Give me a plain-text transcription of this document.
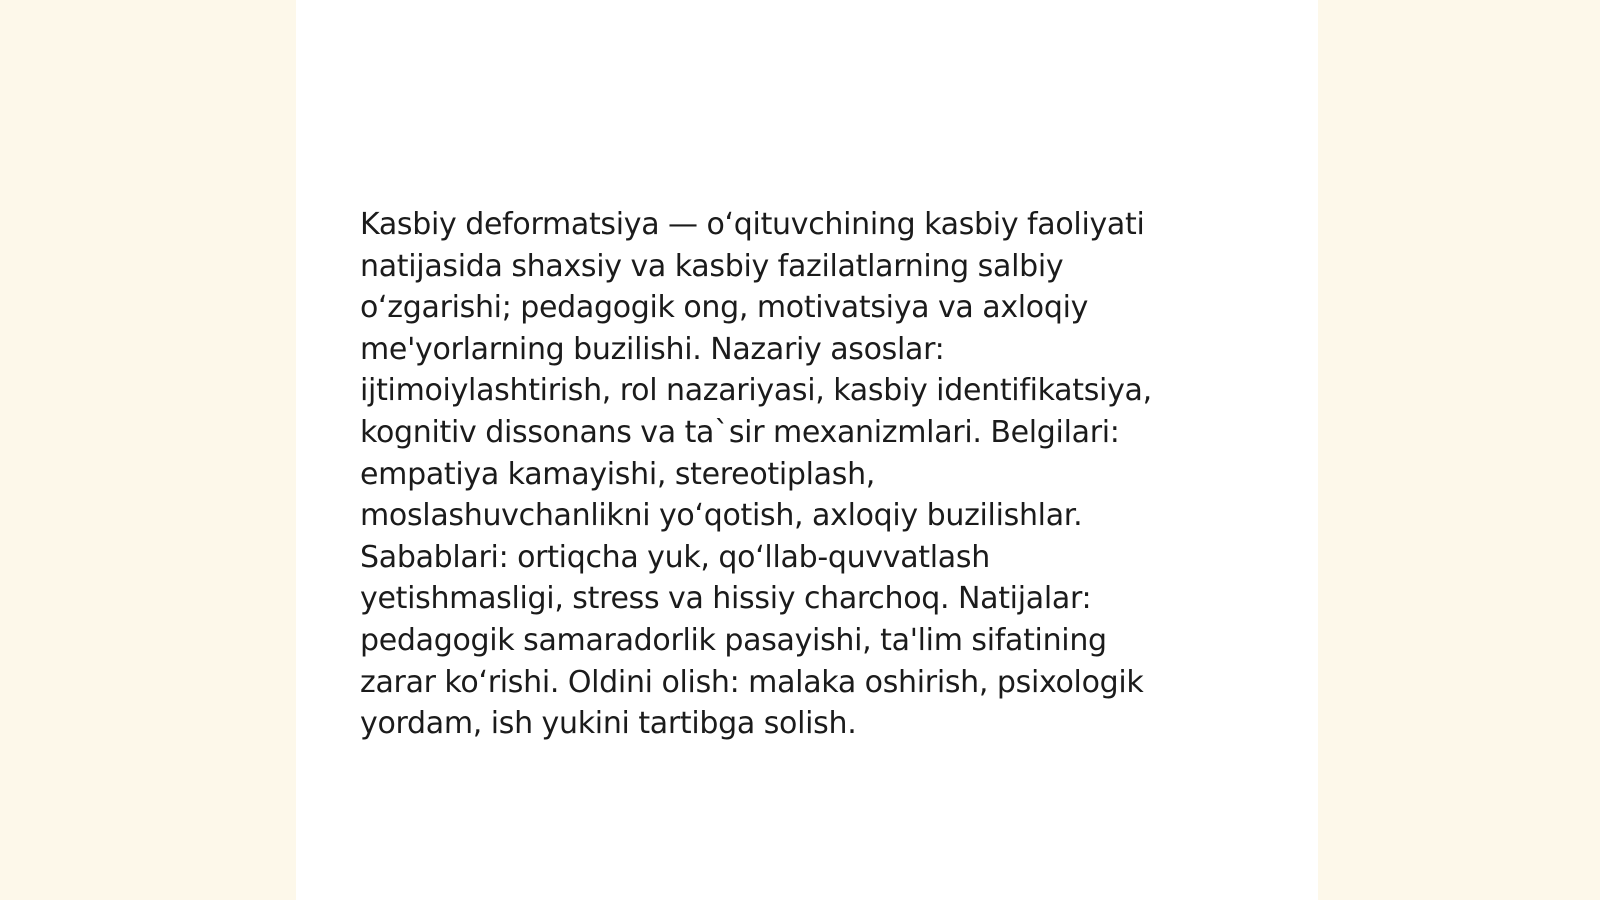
Kasbiy deformatsiya — o‘qituvchining kasbiy faoliyati
natijasida shaxsiy va kasbiy fazilatlarning salbiy
o‘zgarishi; pedagogik ong, motivatsiya va axloqiy
me'yorlarning buzilishi. Nazariy asoslar:
ijtimoiylashtirish, rol nazariyasi, kasbiy identifikatsiya,
kognitiv dissonans va ta`sir mexanizmlari. Belgilari:
empatiya kamayishi, stereotiplash,
moslashuvchanlikni yo‘qotish, axloqiy buzilishlar.
Sabablari: ortiqcha yuk, qo‘llab-quvvatlash
yetishmasligi, stress va hissiy charchoq. Natijalar:
pedagogik samaradorlik pasayishi, ta'lim sifatining
zarar ko‘rishi. Oldini olish: malaka oshirish, psixologik
yordam, ish yukini tartibga solish.
